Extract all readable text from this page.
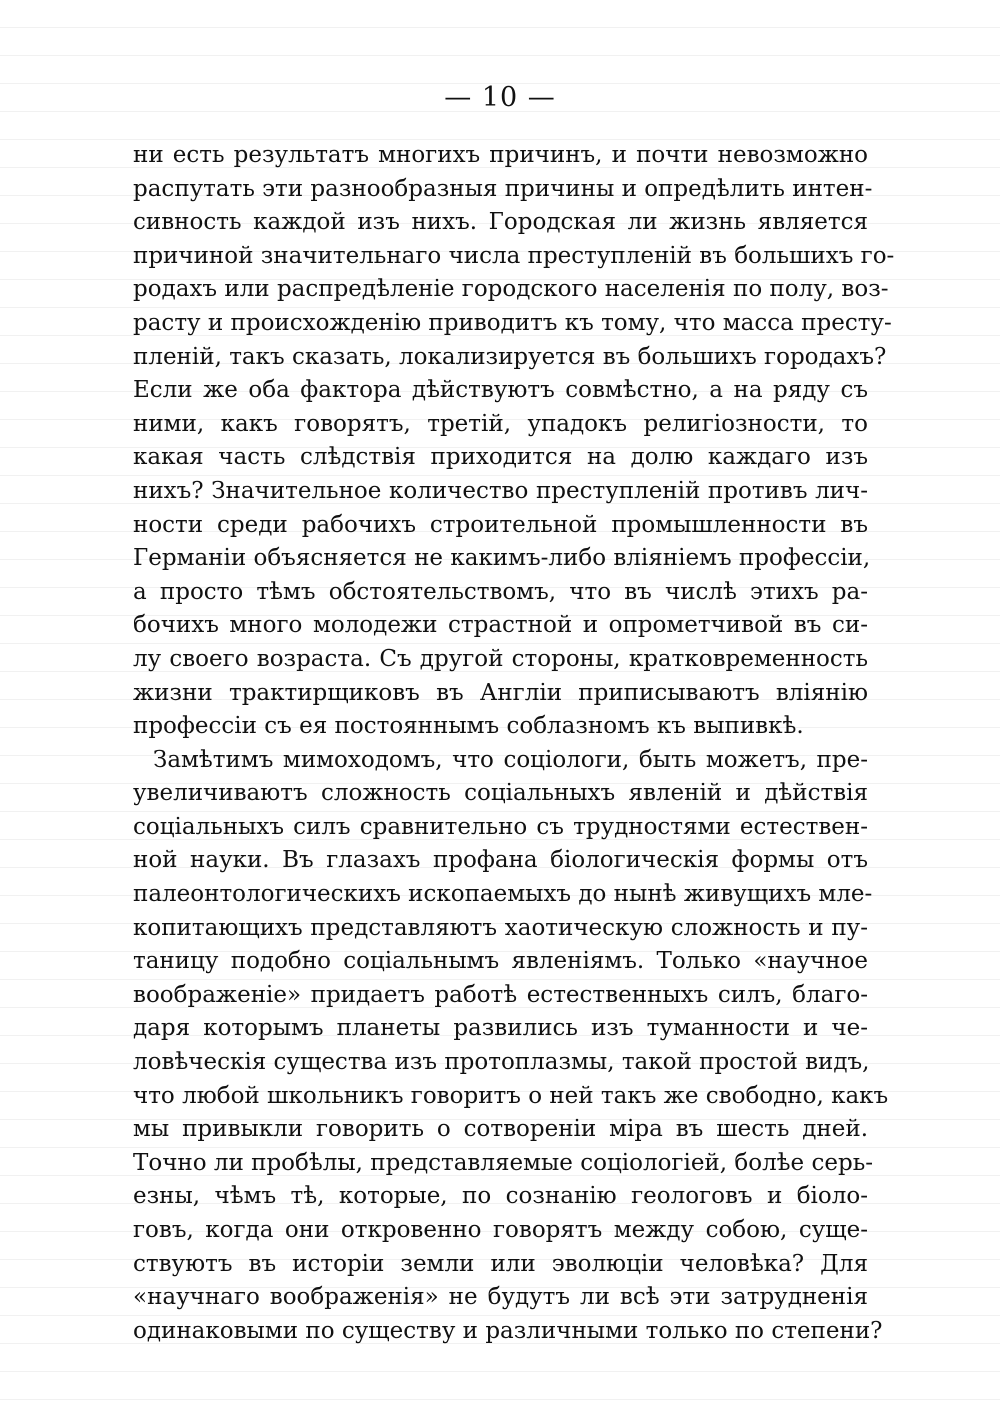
— 10 —
ни есть результатъ многихъ причинъ, и почти невозможно
распутать эти разнообразныя причины и опредѣлить интен-
сивность каждой изъ нихъ. Городская ли жизнь является
причиной значительнаго числа преступленій въ большихъ го-
родахъ или распредѣленіе городского населенія по полу, воз-
расту и происхожденію приводитъ къ тому, что масса престу-
пленій, такъ сказать, локализируется въ большихъ городахъ?
Если же оба фактора дѣйствуютъ совмѣстно, а на ряду съ
ними, какъ говорятъ, третій, упадокъ религіозности, то
какая часть слѣдствія приходится на долю каждаго изъ
нихъ? Значительное количество преступленій противъ лич-
ности среди рабочихъ строительной промышленности въ
Германіи объясняется не какимъ-либо вліяніемъ профессіи,
а просто тѣмъ обстоятельствомъ, что въ числѣ этихъ ра-
бочихъ много молодежи страстной и опрометчивой въ си-
лу своего возраста. Съ другой стороны, кратковременность
жизни трактирщиковъ въ Англіи приписываютъ вліянію
профессіи съ ея постояннымъ соблазномъ къ выпивкѣ.
Замѣтимъ мимоходомъ, что соціологи, быть можетъ, пре-
увеличиваютъ сложность соціальныхъ явленій и дѣйствія
соціальныхъ силъ сравнительно съ трудностями естествен-
ной науки. Въ глазахъ профана біологическія формы отъ
палеонтологическихъ ископаемыхъ до нынѣ живущихъ мле-
копитающихъ представляютъ хаотическую сложность и пу-
таницу подобно соціальнымъ явленіямъ. Только «научное
воображеніе» придаетъ работѣ естественныхъ силъ, благо-
даря которымъ планеты развились изъ туманности и че-
ловѣческія существа изъ протоплазмы, такой простой видъ,
что любой школьникъ говоритъ о ней такъ же свободно, какъ
мы привыкли говорить о сотвореніи міра въ шесть дней.
Точно ли пробѣлы, представляемые соціологіей, болѣе серь-
езны, чѣмъ тѣ, которые, по сознанію геологовъ и біоло-
говъ, когда они откровенно говорятъ между собою, суще-
ствуютъ въ исторіи земли или эволюціи человѣка? Для
«научнаго воображенія» не будутъ ли всѣ эти затрудненія
одинаковыми по существу и различными только по степени?
